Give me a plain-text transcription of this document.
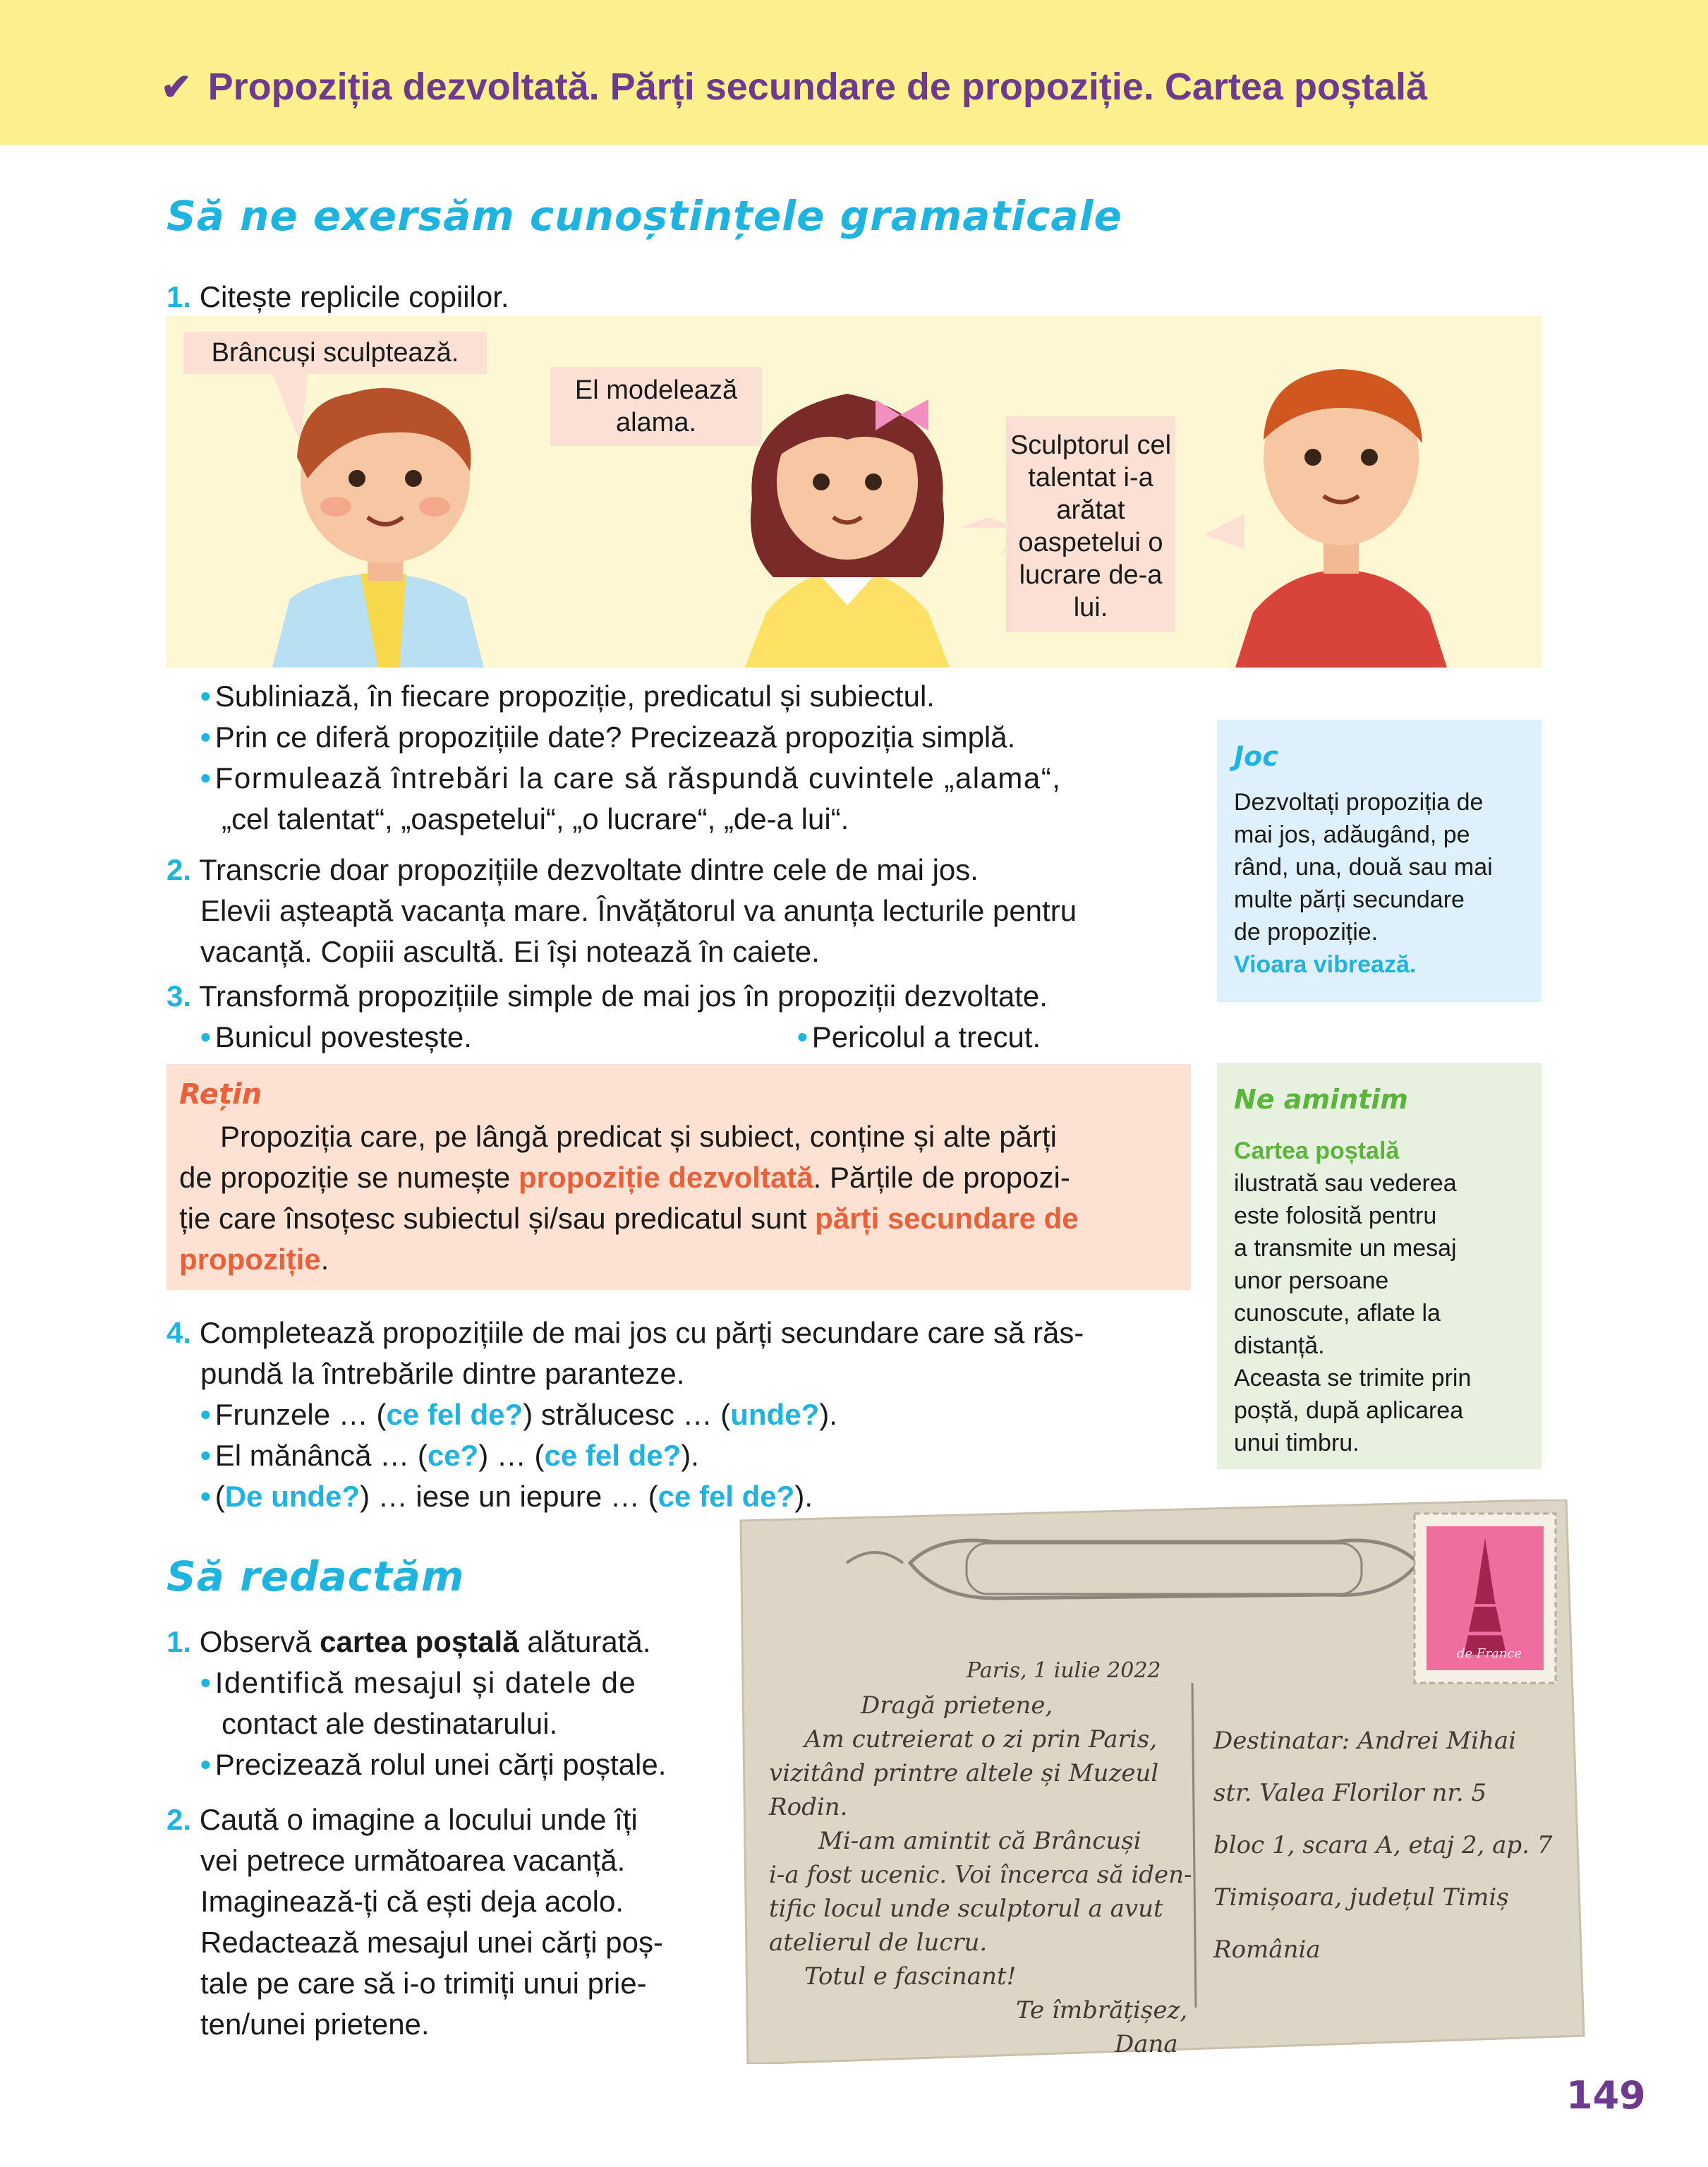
✔ Propoziția dezvoltată. Părți secundare de propoziție. Cartea poștală
Să ne exersăm cunoștințele gramaticale
1. Citește replicile copiilor.
Brâncuși sculptează.
El modelează alama.
Sculptorul cel talentat i-a arătat oaspetelui o lucrare de-a lui.
• Subliniază, în fiecare propoziție, predicatul și subiectul.
• Prin ce diferă propozițiile date? Precizează propoziția simplă.
• Formulează întrebări la care să răspundă cuvintele „alama“,
„cel talentat“, „oaspetelui“, „o lucrare“, „de-a lui“.
2. Transcrie doar propozițiile dezvoltate dintre cele de mai jos.
Elevii așteaptă vacanța mare. Învățătorul va anunța lecturile pentru
vacanță. Copiii ascultă. Ei își notează în caiete.
3. Transformă propozițiile simple de mai jos în propoziții dezvoltate.
• Bunicul povestește.	• Pericolul a trecut.
Rețin
Propoziția care, pe lângă predicat și subiect, conține și alte părți
de propoziție se numește propoziție dezvoltată. Părțile de propozi-
ție care însoțesc subiectul și/sau predicatul sunt părți secundare de
propoziție.
4. Completează propozițiile de mai jos cu părți secundare care să răs-
pundă la întrebările dintre paranteze.
• Frunzele … (ce fel de?) strălucesc … (unde?).
• El mănâncă … (ce?) … (ce fel de?).
• (De unde?) … iese un iepure … (ce fel de?).
Joc
Dezvoltați propoziția de
mai jos, adăugând, pe
rând, una, două sau mai
multe părți secundare
de propoziție.
Vioara vibrează.
Ne amintim
Cartea poștală
ilustrată sau vederea
este folosită pentru
a transmite un mesaj
unor persoane
cunoscute, aflate la
distanță.
Aceasta se trimite prin
poștă, după aplicarea
unui timbru.
Să redactăm
1. Observă cartea poștală alăturată.
• Identifică mesajul și datele de
contact ale destinatarului.
• Precizează rolul unei cărți poștale.
2. Caută o imagine a locului unde îți
vei petrece următoarea vacanță.
Imaginează-ți că ești deja acolo.
Redactează mesajul unei cărți poș-
tale pe care să i-o trimiți unui prie-
ten/unei prietene.
de France
Paris, 1 iulie 2022
Dragă prietene,
Am cutreierat o zi prin Paris,
vizitând printre altele și Muzeul
Rodin.
Mi-am amintit că Brâncuși
i-a fost ucenic. Voi încerca să iden-
tific locul unde sculptorul a avut
atelierul de lucru.
Totul e fascinant!
Te îmbrățișez,
Dana
Destinatar: Andrei Mihai
str. Valea Florilor nr. 5
bloc 1, scara A, etaj 2, ap. 7
Timișoara, județul Timiș
România
149
